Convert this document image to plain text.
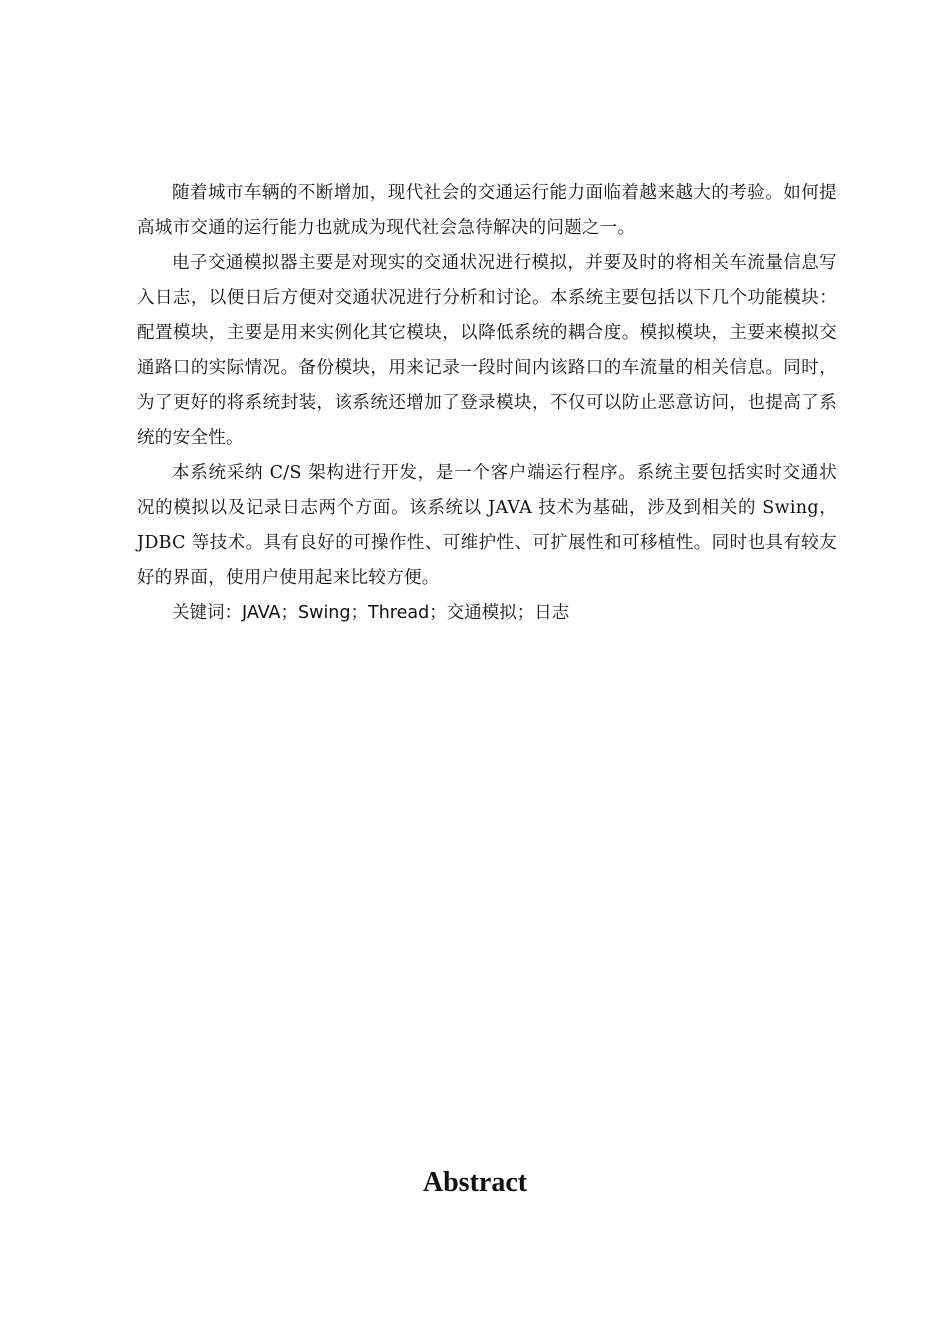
随着城市车辆的不断增加，现代社会的交通运行能力面临着越来越大的考验。如何提高城市交通的运行能力也就成为现代社会急待解决的问题之一。

电子交通模拟器主要是对现实的交通状况进行模拟，并要及时的将相关车流量信息写入日志，以便日后方便对交通状况进行分析和讨论。本系统主要包括以下几个功能模块：配置模块，主要是用来实例化其它模块，以降低系统的耦合度。模拟模块，主要来模拟交通路口的实际情况。备份模块，用来记录一段时间内该路口的车流量的相关信息。同时，为了更好的将系统封装，该系统还增加了登录模块，不仅可以防止恶意访问，也提高了系统的安全性。

本系统采纳 C/S 架构进行开发，是一个客户端运行程序。系统主要包括实时交通状况的模拟以及记录日志两个方面。该系统以 JAVA 技术为基础，涉及到相关的 Swing，JDBC 等技术。具有良好的可操作性、可维护性、可扩展性和可移植性。同时也具有较友好的界面，使用户使用起来比较方便。

关键词：JAVA；Swing；Thread；交通模拟；日志

Abstract
